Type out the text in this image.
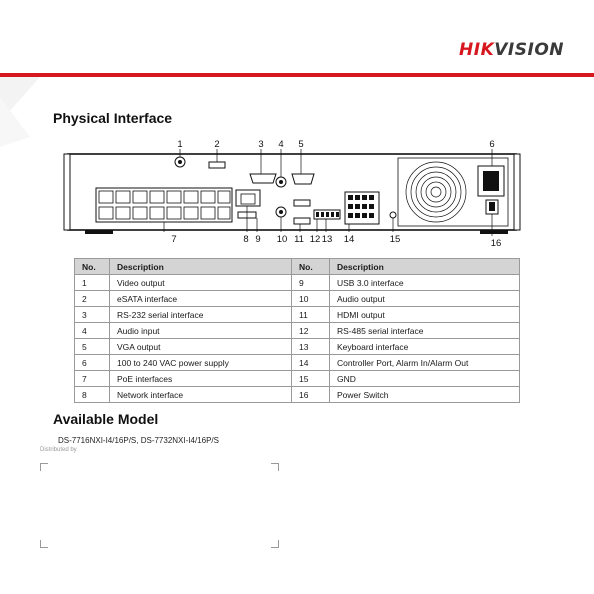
HIKVISION
Physical Interface
1	2	3 4 5	6
7	8 9 10 11 12 13 14	15	16
No.	Description	No.	Description
1	Video output	9	USB 3.0 interface
2	eSATA interface	10	Audio output
3	RS-232 serial interface	11	HDMI output
4	Audio input	12	RS-485 serial interface
5	VGA output	13	Keyboard interface
6	100 to 240 VAC power supply	14	Controller Port, Alarm In/Alarm Out
7	PoE interfaces	15	GND
8	Network interface	16	Power Switch
Available Model
DS-7716NXI-I4/16P/S, DS-7732NXI-I4/16P/S
Distributed by
